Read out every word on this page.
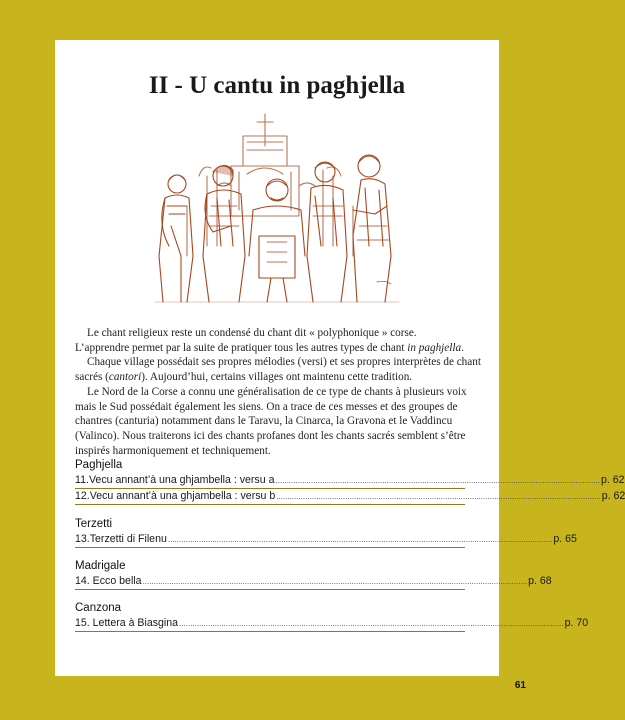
II - U cantu in paghjella

Le chant religieux reste un condensé du chant dit « polyphonique » corse.

L’apprendre permet par la suite de pratiquer tous les autres types de chant in paghjella.

Chaque village possédait ses propres mélodies (versi) et ses propres interprètes de chant sacrés (cantori). Aujourd’hui, certains villages ont maintenu cette tradition.

Le Nord de la Corse a connu une généralisation de ce type de chants à plusieurs voix mais le Sud possédait également les siens. On a trace de ces messes et des groupes de chantres (canturia) notamment dans le Taravu, la Cinarca, la Gravona et le Vaddincu (Valinco). Nous traiterons ici des chants profanes dont les chants sacrés semblent s’être inspirés harmoniquement et techniquement.

Paghjella
11.Vecu annant’à una ghjambella : versu a .................................................................................................................................................. p. 62
12.Vecu annant’à una ghjambella : versu b .................................................................................................................................................. p. 62
Terzetti
13.Terzetti di Filenu ............................................................................................................................................................................. p. 65
Madrigale
14. Ecco bella ............................................................................................................................................................................. p. 68
Canzona
15. Lettera à Biasgina ............................................................................................................................................................................. p. 70
61
